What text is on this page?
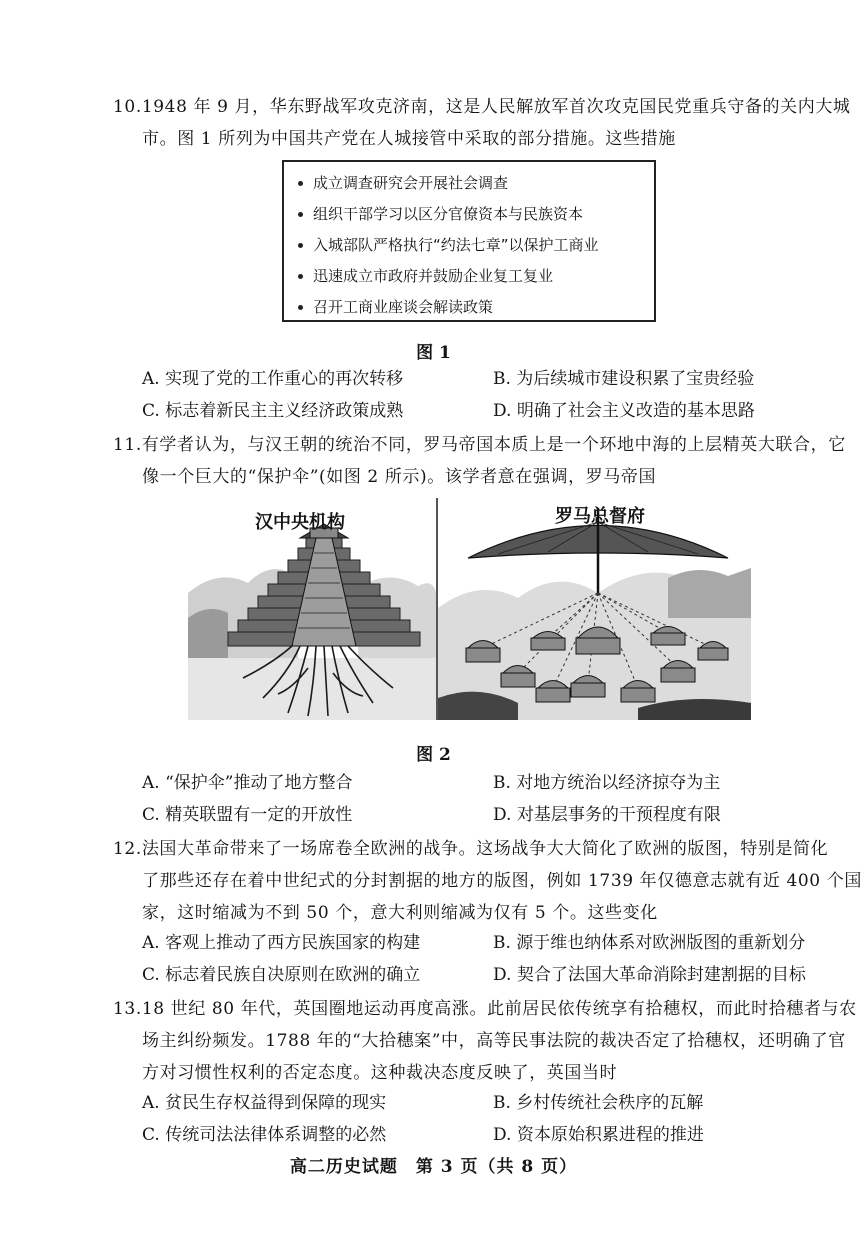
10.1948 年 9 月，华东野战军攻克济南，这是人民解放军首次攻克国民党重兵守备的关内大城
市。图 1 所列为中国共产党在人城接管中采取的部分措施。这些措施
成立调查研究会开展社会调查
组织干部学习以区分官僚资本与民族资本
入城部队严格执行“约法七章”以保护工商业
迅速成立市政府并鼓励企业复工复业
召开工商业座谈会解读政策
图 1
A. 实现了党的工作重心的再次转移	B. 为后续城市建设积累了宝贵经验
C. 标志着新民主主义经济政策成熟	D. 明确了社会主义改造的基本思路
11.有学者认为，与汉王朝的统治不同，罗马帝国本质上是一个环地中海的上层精英大联合，它
像一个巨大的“保护伞”(如图 2 所示)。该学者意在强调，罗马帝国
汉中央机构	罗马总督府
图 2
A. “保护伞”推动了地方整合	B. 对地方统治以经济掠夺为主
C. 精英联盟有一定的开放性	D. 对基层事务的干预程度有限
12.法国大革命带来了一场席卷全欧洲的战争。这场战争大大简化了欧洲的版图，特别是简化
了那些还存在着中世纪式的分封割据的地方的版图，例如 1739 年仅德意志就有近 400 个国
家，这时缩减为不到 50 个，意大利则缩减为仅有 5 个。这些变化
A. 客观上推动了西方民族国家的构建	B. 源于维也纳体系对欧洲版图的重新划分
C. 标志着民族自决原则在欧洲的确立	D. 契合了法国大革命消除封建割据的目标
13.18 世纪 80 年代，英国圈地运动再度高涨。此前居民依传统享有拾穗权，而此时拾穗者与农
场主纠纷频发。1788 年的“大拾穗案”中，高等民事法院的裁决否定了拾穗权，还明确了官
方对习惯性权利的否定态度。这种裁决态度反映了，英国当时
A. 贫民生存权益得到保障的现实	B. 乡村传统社会秩序的瓦解
C. 传统司法法律体系调整的必然	D. 资本原始积累进程的推进
高二历史试题　第 3 页（共 8 页）
